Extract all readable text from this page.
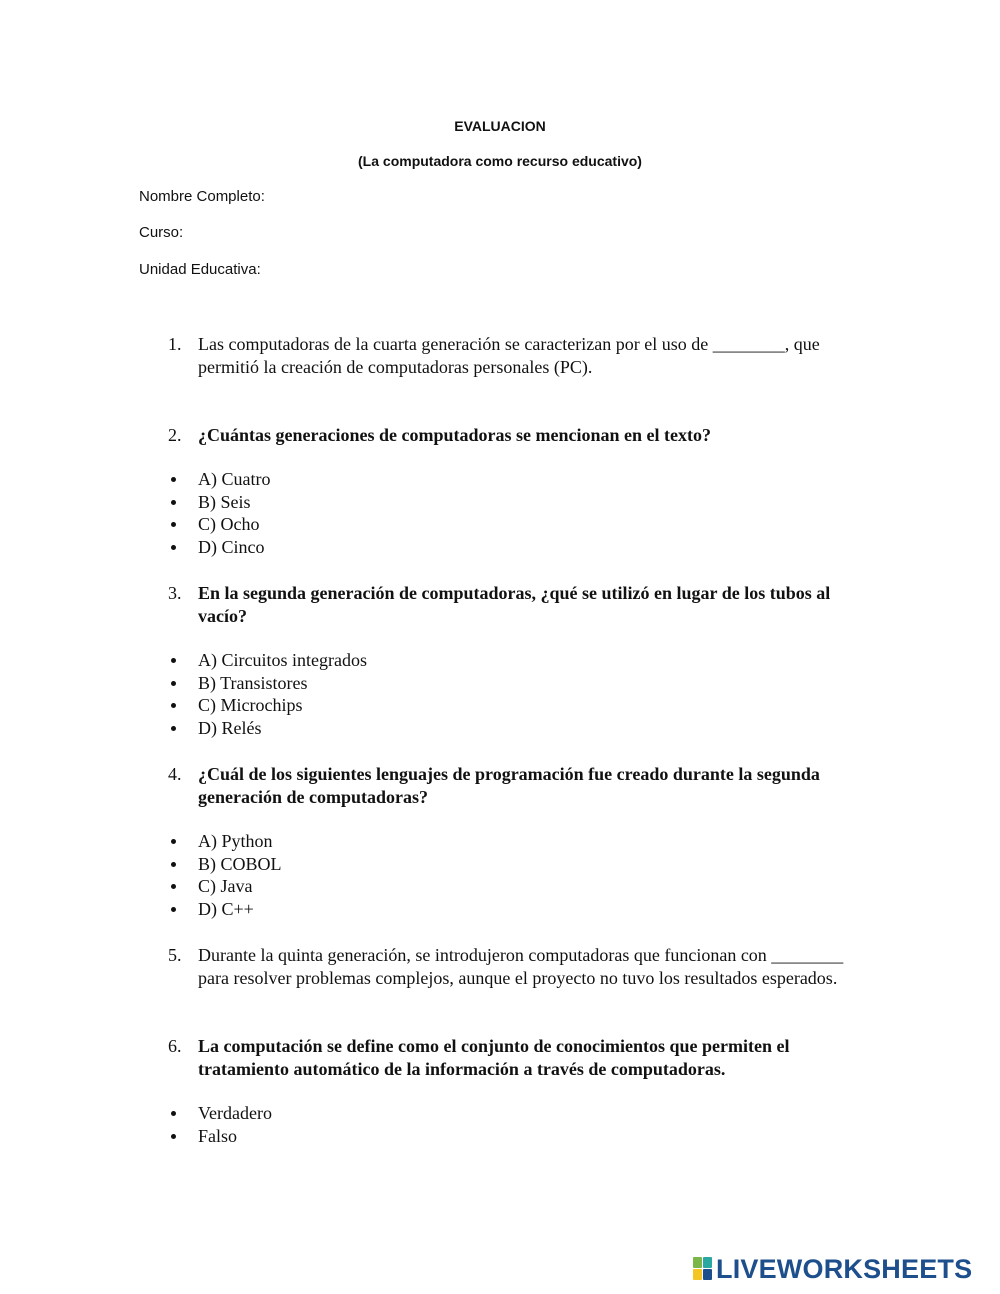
EVALUACION
(La computadora como recurso educativo)
Nombre Completo:
Curso:
Unidad Educativa:
1. Las computadoras de la cuarta generación se caracterizan por el uso de ________, que permitió la creación de computadoras personales (PC).
2. ¿Cuántas generaciones de computadoras se mencionan en el texto?
A) Cuatro
B) Seis
C) Ocho
D) Cinco
3. En la segunda generación de computadoras, ¿qué se utilizó en lugar de los tubos al vacío?
A) Circuitos integrados
B) Transistores
C) Microchips
D) Relés
4. ¿Cuál de los siguientes lenguajes de programación fue creado durante la segunda generación de computadoras?
A) Python
B) COBOL
C) Java
D) C++
5. Durante la quinta generación, se introdujeron computadoras que funcionan con ________ para resolver problemas complejos, aunque el proyecto no tuvo los resultados esperados.
6. La computación se define como el conjunto de conocimientos que permiten el tratamiento automático de la información a través de computadoras.
Verdadero
Falso
LIVEWORKSHEETS
